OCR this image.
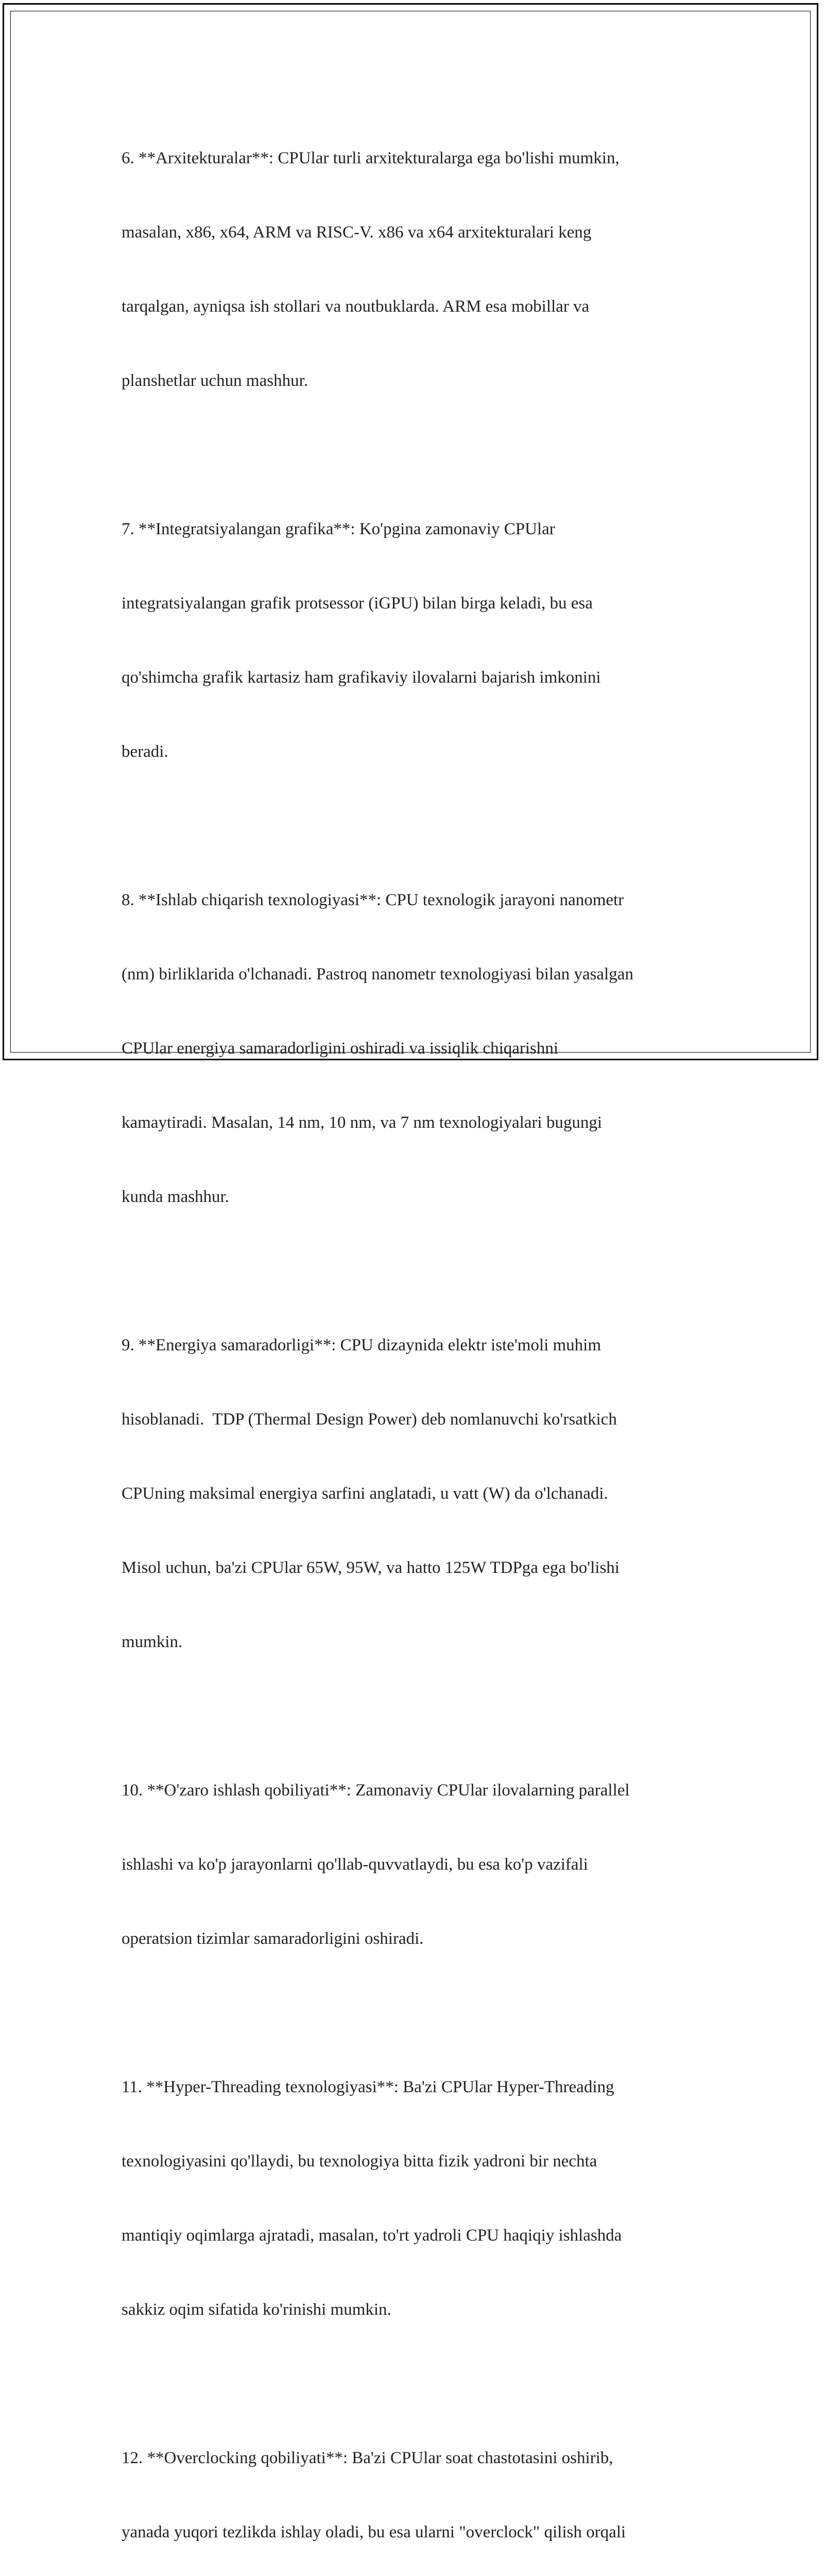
6. **Arxitekturalar**: CPUlar turli arxitekturalarga ega bo'lishi mumkin,

masalan, x86, x64, ARM va RISC-V. x86 va x64 arxitekturalari keng

tarqalgan, ayniqsa ish stollari va noutbuklarda. ARM esa mobillar va

planshetlar uchun mashhur.

7. **Integratsiyalangan grafika**: Ko'pgina zamonaviy CPUlar

integratsiyalangan grafik protsessor (iGPU) bilan birga keladi, bu esa

qo'shimcha grafik kartasiz ham grafikaviy ilovalarni bajarish imkonini

beradi.

8. **Ishlab chiqarish texnologiyasi**: CPU texnologik jarayoni nanometr

(nm) birliklarida o'lchanadi. Pastroq nanometr texnologiyasi bilan yasalgan

CPUlar energiya samaradorligini oshiradi va issiqlik chiqarishni

kamaytiradi. Masalan, 14 nm, 10 nm, va 7 nm texnologiyalari bugungi

kunda mashhur.

9. **Energiya samaradorligi**: CPU dizaynida elektr iste'moli muhim

hisoblanadi.  TDP (Thermal Design Power) deb nomlanuvchi ko'rsatkich

CPUning maksimal energiya sarfini anglatadi, u vatt (W) da o'lchanadi.

Misol uchun, ba'zi CPUlar 65W, 95W, va hatto 125W TDPga ega bo'lishi

mumkin.

10. **O'zaro ishlash qobiliyati**: Zamonaviy CPUlar ilovalarning parallel

ishlashi va ko'p jarayonlarni qo'llab-quvvatlaydi, bu esa ko'p vazifali

operatsion tizimlar samaradorligini oshiradi.

11. **Hyper-Threading texnologiyasi**: Ba'zi CPUlar Hyper-Threading

texnologiyasini qo'llaydi, bu texnologiya bitta fizik yadroni bir nechta

mantiqiy oqimlarga ajratadi, masalan, to'rt yadroli CPU haqiqiy ishlashda

sakkiz oqim sifatida ko'rinishi mumkin.

12. **Overclocking qobiliyati**: Ba'zi CPUlar soat chastotasini oshirib,

yanada yuqori tezlikda ishlay oladi, bu esa ularni "overclock" qilish orqali
